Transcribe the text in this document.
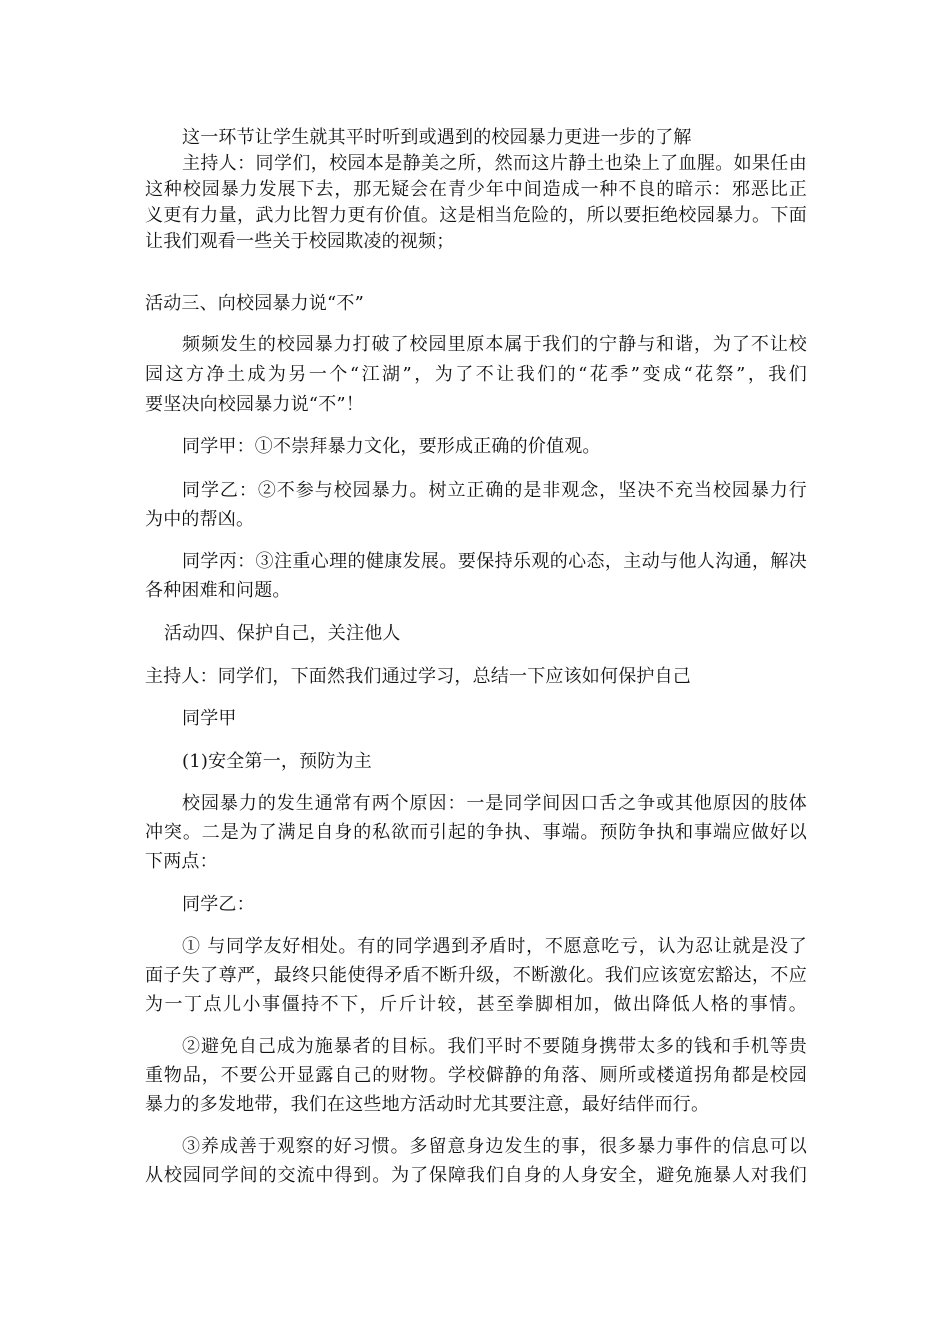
这一环节让学生就其平时听到或遇到的校园暴力更进一步的了解
主持人：同学们，校园本是静美之所，然而这片静土也染上了血腥。如果任由
这种校园暴力发展下去，那无疑会在青少年中间造成一种不良的暗示：邪恶比正
义更有力量，武力比智力更有价值。这是相当危险的，所以要拒绝校园暴力。下面
让我们观看一些关于校园欺凌的视频；
活动三、向校园暴力说“不”
频频发生的校园暴力打破了校园里原本属于我们的宁静与和谐，为了不让校
园这方净土成为另一个“江湖”，为了不让我们的“花季”变成“花祭”，我们
要坚决向校园暴力说“不”！
同学甲：①不崇拜暴力文化，要形成正确的价值观。
同学乙：②不参与校园暴力。树立正确的是非观念，坚决不充当校园暴力行
为中的帮凶。
同学丙：③注重心理的健康发展。要保持乐观的心态，主动与他人沟通，解决
各种困难和问题。
活动四、保护自己，关注他人
主持人：同学们，下面然我们通过学习，总结一下应该如何保护自己
同学甲
(1)安全第一，预防为主
校园暴力的发生通常有两个原因：一是同学间因口舌之争或其他原因的肢体
冲突。二是为了满足自身的私欲而引起的争执、事端。预防争执和事端应做好以
下两点：
同学乙：
① 与同学友好相处。有的同学遇到矛盾时，不愿意吃亏，认为忍让就是没了
面子失了尊严，最终只能使得矛盾不断升级，不断激化。我们应该宽宏豁达，不应
为一丁点儿小事僵持不下，斤斤计较，甚至拳脚相加，做出降低人格的事情。
②避免自己成为施暴者的目标。我们平时不要随身携带太多的钱和手机等贵
重物品，不要公开显露自己的财物。学校僻静的角落、厕所或楼道拐角都是校园
暴力的多发地带，我们在这些地方活动时尤其要注意，最好结伴而行。
③养成善于观察的好习惯。多留意身边发生的事，很多暴力事件的信息可以
从校园同学间的交流中得到。为了保障我们自身的人身安全，避免施暴人对我们
